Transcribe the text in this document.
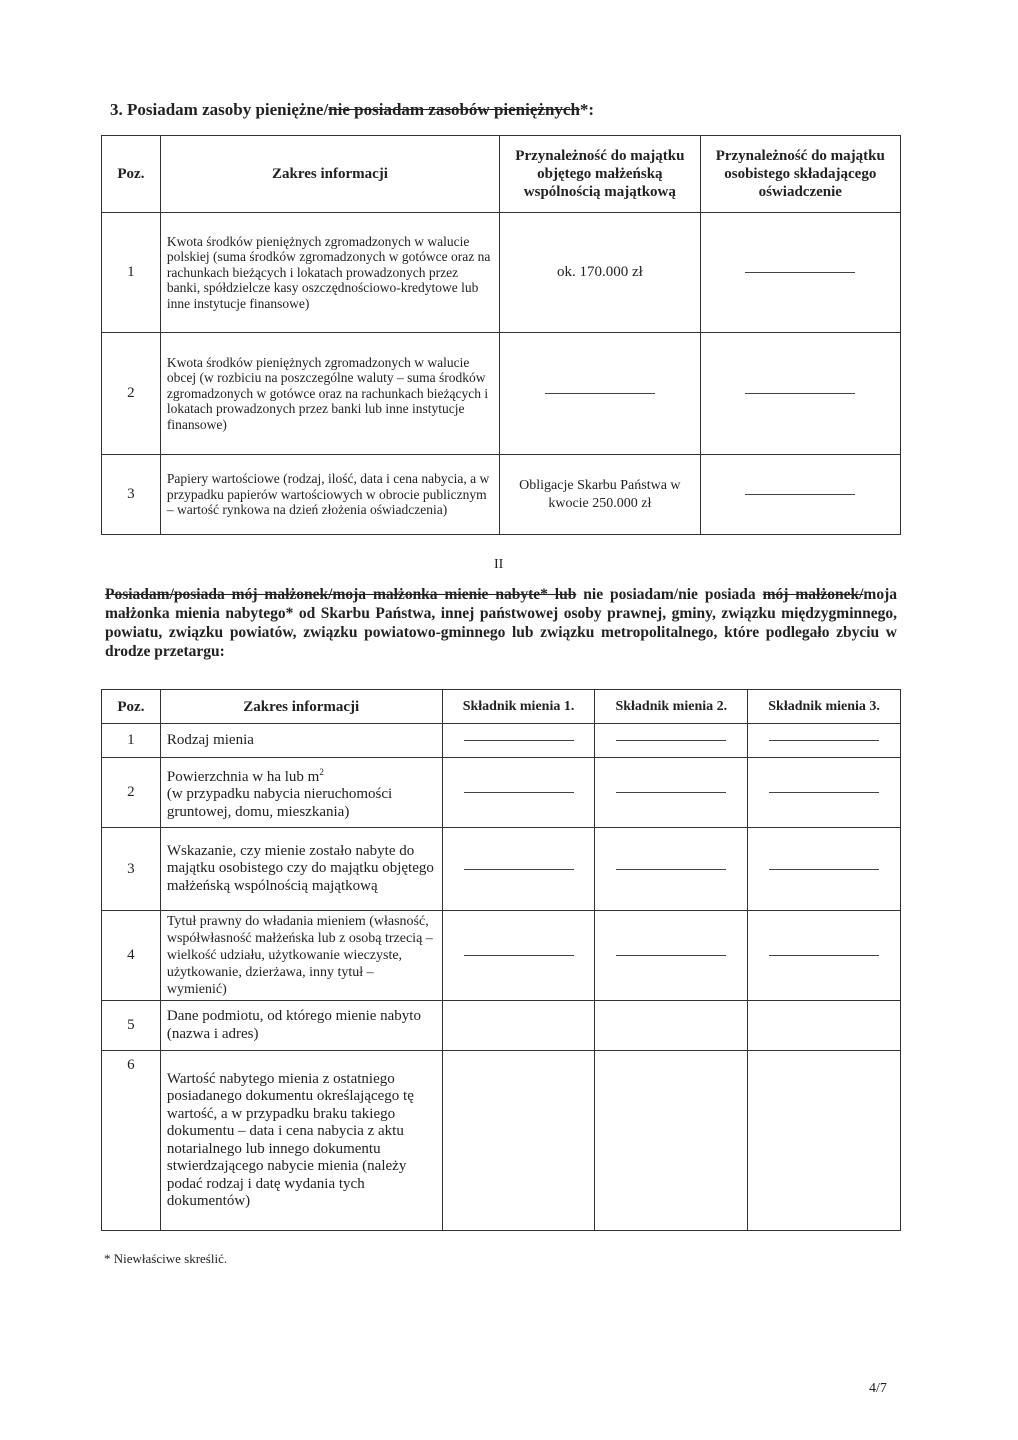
3. Posiadam zasoby pieniężne/nie posiadam zasobów pieniężnych*:
Poz.	Zakres informacji	Przynależność do majątku objętego małżeńską wspólnością majątkową	Przynależność do majątku osobistego składającego oświadczenie
1	Kwota środków pieniężnych zgromadzonych w walucie polskiej (suma środków zgromadzonych w gotówce oraz na rachunkach bieżących i lokatach prowadzonych przez banki, spółdzielcze kasy oszczędnościowo-kredytowe lub inne instytucje finansowe)	ok. 170.000 zł	
2	Kwota środków pieniężnych zgromadzonych w walucie obcej (w rozbiciu na poszczególne waluty – suma środków zgromadzonych w gotówce oraz na rachunkach bieżących i lokatach prowadzonych przez banki lub inne instytucje finansowe)		
3	Papiery wartościowe (rodzaj, ilość, data i cena nabycia, a w przypadku papierów wartościowych w obrocie publicznym – wartość rynkowa na dzień złożenia oświadczenia)	Obligacje Skarbu Państwa w kwocie 250.000 zł	
II
Posiadam/posiada mój małżonek/moja małżonka mienie nabyte* lub nie posiadam/nie posiada mój małżonek/moja małżonka mienia nabytego* od Skarbu Państwa, innej państwowej osoby prawnej, gminy, związku międzygminnego, powiatu, związku powiatów, związku powiatowo-gminnego lub związku metropolitalnego, które podlegało zbyciu w drodze przetargu:
Poz.	Zakres informacji	Składnik mienia 1.	Składnik mienia 2.	Składnik mienia 3.
1	Rodzaj mienia			
2	Powierzchnia w ha lub $m^2$
(w przypadku nabycia nieruchomości gruntowej, domu, mieszkania)			
3	Wskazanie, czy mienie zostało nabyte do majątku osobistego czy do majątku objętego małżeńską wspólnością majątkową			
4	Tytuł prawny do władania mieniem (własność, współwłasność małżeńska lub z osobą trzecią – wielkość udziału, użytkowanie wieczyste, użytkowanie, dzierżawa, inny tytuł – wymienić)			
5	Dane podmiotu, od którego mienie nabyto (nazwa i adres)			
6	Wartość nabytego mienia z ostatniego posiadanego dokumentu określającego tę wartość, a w przypadku braku takiego dokumentu – data i cena nabycia z aktu notarialnego lub innego dokumentu stwierdzającego nabycie mienia (należy podać rodzaj i datę wydania tych dokumentów)			
* Niewłaściwe skreślić.
4/7
